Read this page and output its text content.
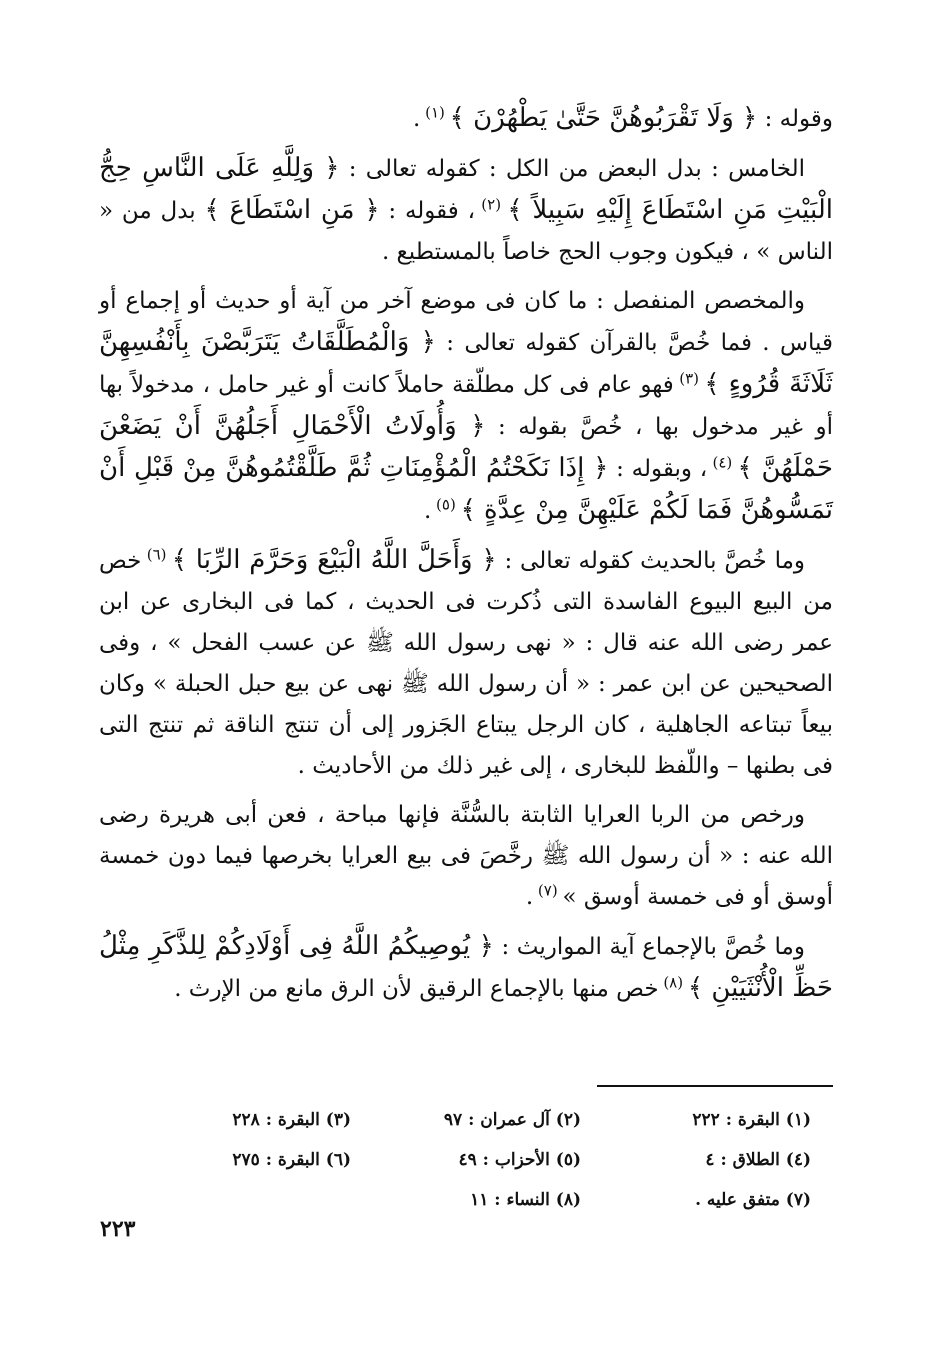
وقوله : ﴿ وَلَا تَقْرَبُوهُنَّ حَتَّىٰ يَطْهُرْنَ ﴾ $^{(١)}$ .

الخامس : بدل البعض من الكل : كقوله تعالى : ﴿ وَلِلَّهِ عَلَى النَّاسِ حِجُّ الْبَيْتِ مَنِ اسْتَطَاعَ إِلَيْهِ سَبِيلاً ﴾ $^{(٢)}$ ، فقوله : ﴿ مَنِ اسْتَطَاعَ ﴾ بدل من « الناس » ، فيكون وجوب الحج خاصاً بالمستطيع .

والمخصص المنفصل : ما كان فى موضع آخر من آية أو حديث أو إجماع أو قياس . فما خُصَّ بالقرآن كقوله تعالى : ﴿ وَالْمُطَلَّقَاتُ يَتَرَبَّصْنَ بِأَنْفُسِهِنَّ ثَلَاثَةَ قُرُوءٍ ﴾ $^{(٣)}$ فهو عام فى كل مطلّقة حاملاً كانت أو غير حامل ، مدخولاً بها أو غير مدخول بها ، خُصَّ بقوله : ﴿ وَأُولَاتُ الْأَحْمَالِ أَجَلُهُنَّ أَنْ يَضَعْنَ حَمْلَهُنَّ ﴾ $^{(٤)}$ ، وبقوله : ﴿ إِذَا نَكَحْتُمُ الْمُؤْمِنَاتِ ثُمَّ طَلَّقْتُمُوهُنَّ مِنْ قَبْلِ أَنْ تَمَسُّوهُنَّ فَمَا لَكُمْ عَلَيْهِنَّ مِنْ عِدَّةٍ ﴾ $^{(٥)}$ .

وما خُصَّ بالحديث كقوله تعالى : ﴿ وَأَحَلَّ اللَّهُ الْبَيْعَ وَحَرَّمَ الرِّبَا ﴾ $^{(٦)}$ خص من البيع البيوع الفاسدة التى ذُكرت فى الحديث ، كما فى البخارى عن ابن عمر رضى الله عنه قال : « نهى رسول الله ﷺ عن عسب الفحل » ، وفى الصحيحين عن ابن عمر : « أن رسول الله ﷺ نهى عن بيع حبل الحبلة » وكان بيعاً تبتاعه الجاهلية ، كان الرجل يبتاع الجَزور إلى أن تنتج الناقة ثم تنتج التى فى بطنها – واللّفظ للبخارى ، إلى غير ذلك من الأحاديث .

ورخص من الربا العرايا الثابتة بالسُّنَّة فإنها مباحة ، فعن أبى هريرة رضى الله عنه : « أن رسول الله ﷺ رخَّصَ فى بيع العرايا بخرصها فيما دون خمسة أوسق أو فى خمسة أوسق » $^{(٧)}$ .

وما خُصَّ بالإجماع آية المواريث : ﴿ يُوصِيكُمُ اللَّهُ فِى أَوْلَادِكُمْ لِلذَّكَرِ مِثْلُ حَظِّ الْأُنْثَيَيْنِ ﴾ $^{(٨)}$ خص منها بالإجماع الرقيق لأن الرق مانع من الإرث .

(١) البقرة : ٢٢٢
(٢) آل عمران : ٩٧
(٣) البقرة : ٢٢٨
(٤) الطلاق : ٤
(٥) الأحزاب : ٤٩
(٦) البقرة : ٢٧٥
(٧) متفق عليه .
(٨) النساء : ١١
٢٢٣
